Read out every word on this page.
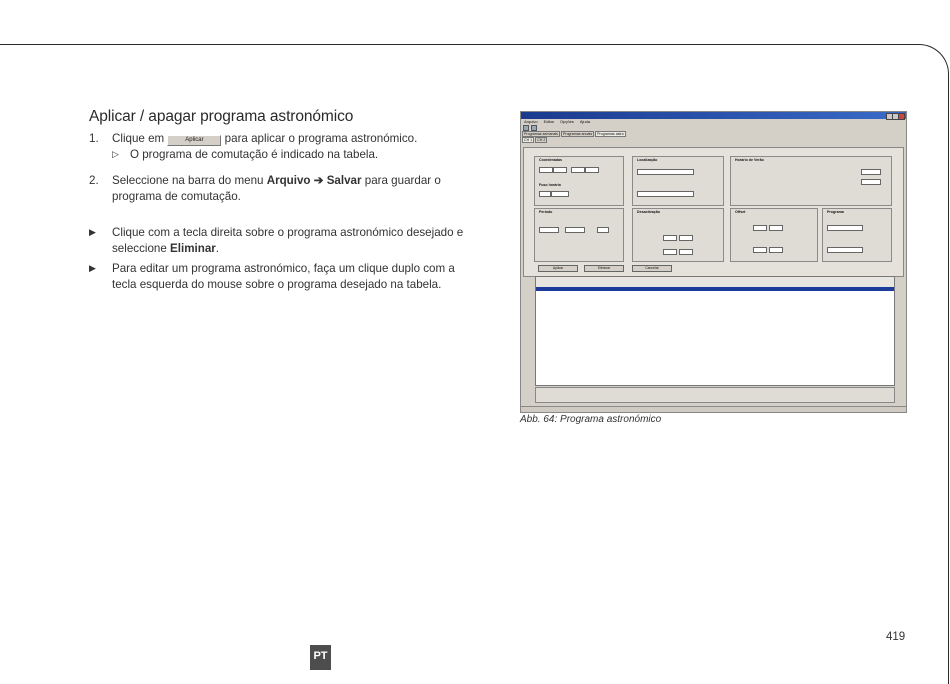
Aplicar / apagar programa astronómico
1. Clique em	Aplicar para aplicar o programa astronómico.
▷ O programa de comutação é indicado na tabela.
2. Seleccione na barra do menu Arquivo ➔ Salvar para guardar o programa de comutação.
▶ Clique com a tecla direita sobre o programa astronómico desejado e seleccione Eliminar.
▶ Para editar um programa astronómico, faça um clique duplo com a tecla esquerda do mouse sobre o programa desejado na tabela.
Arquivo Editar Opções Ajuda
Programas semanais	Programas anuais	Programas astro
CH 1	CH 2
Coordenadas
Fuso horário
Localização	Horário de Verão
Período	Desactivação	Offset	Programa
Aplicar	Eliminar	Cancelar
Abb. 64: Programa astronómico
PT
419
